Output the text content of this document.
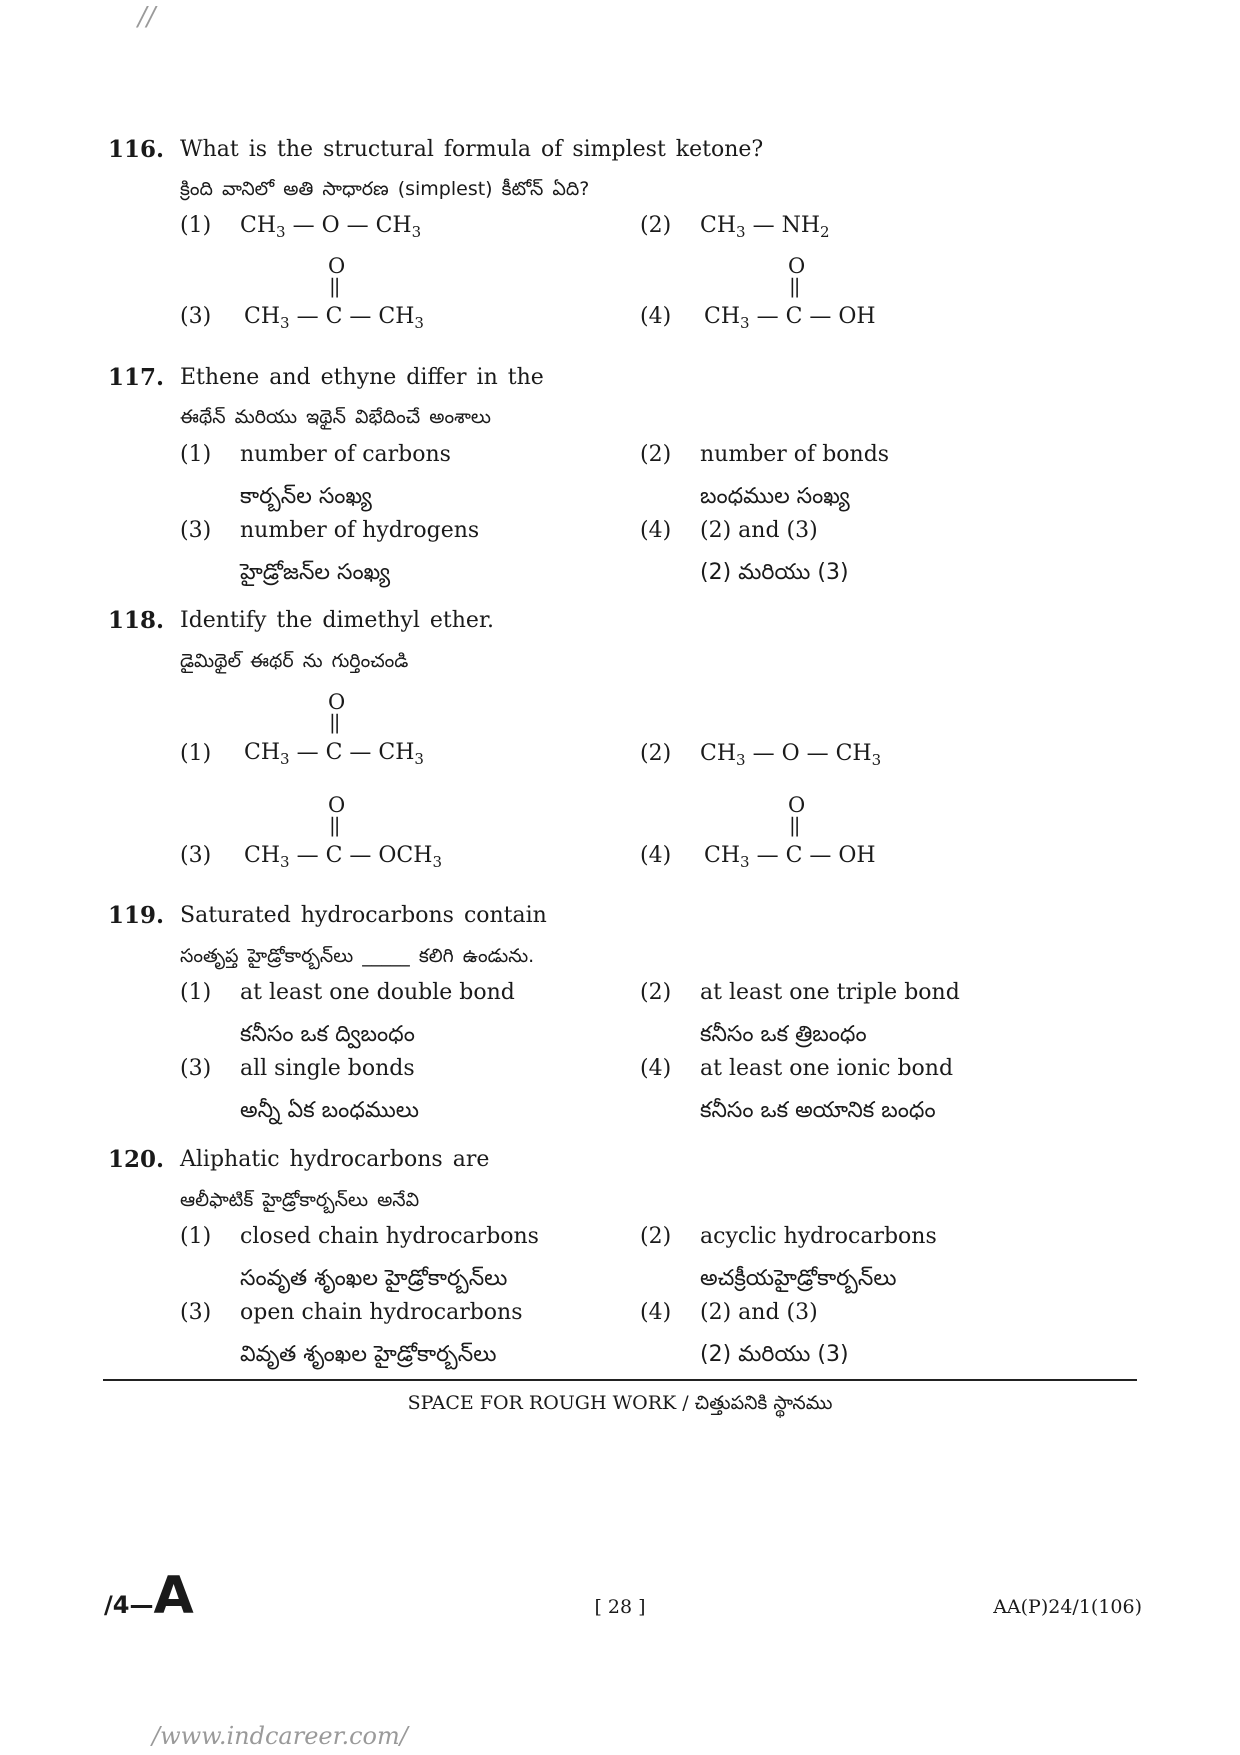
//
116. What is the structural formula of simplest ketone?
క్రింది వానిలో అతి సాధారణ (simplest) కీటోన్ ఏది?
(1) $CH_3$ — O — $CH_3$	(2) $CH_3$ — $NH_2$
(3)
O
||
$CH_3$ — C — $CH_3$	(4)
O
||
$CH_3$ — C — OH
117. Ethene and ethyne differ in the
ఈథేన్ మరియు ఇథైన్ విభేదించే అంశాలు
(1) number of carbons
కార్బన్‌ల సంఖ్య
(2) number of bonds
బంధముల సంఖ్య
(3) number of hydrogens
హైడ్రోజన్‌ల సంఖ్య
(4) (2) and (3)
(2) మరియు (3)
118. Identify the dimethyl ether.
డైమిథైల్ ఈథర్ ను గుర్తించండి
(1)
O
||
$CH_3$ — C — $CH_3$	(2) $CH_3$ — O — $CH_3$
(3)
O
||
$CH_3$ — C — $OCH_3$	(4)
O
||
$CH_3$ — C — OH
119. Saturated hydrocarbons contain
సంతృప్త హైడ్రోకార్బన్‌లు _____ కలిగి ఉండును.
(1) at least one double bond
కనీసం ఒక ద్విబంధం
(2) at least one triple bond
కనీసం ఒక త్రిబంధం
(3) all single bonds
అన్నీ ఏక బంధములు
(4) at least one ionic bond
కనీసం ఒక అయానిక బంధం
120. Aliphatic hydrocarbons are
ఆలీఫాటిక్ హైడ్రోకార్బన్‌లు అనేవి
(1) closed chain hydrocarbons
సంవృత శృంఖల హైడ్రోకార్బన్‌లు
(2) acyclic hydrocarbons
అచక్రీయహైడ్రోకార్బన్‌లు
(3) open chain hydrocarbons
వివృత శృంఖల హైడ్రోకార్బన్‌లు
(4) (2) and (3)
(2) మరియు (3)
SPACE FOR ROUGH WORK / చిత్తుపనికి స్థానము
/4—A	[ 28 ]	AA(P)24/1(106)
/www.indcareer.com/
